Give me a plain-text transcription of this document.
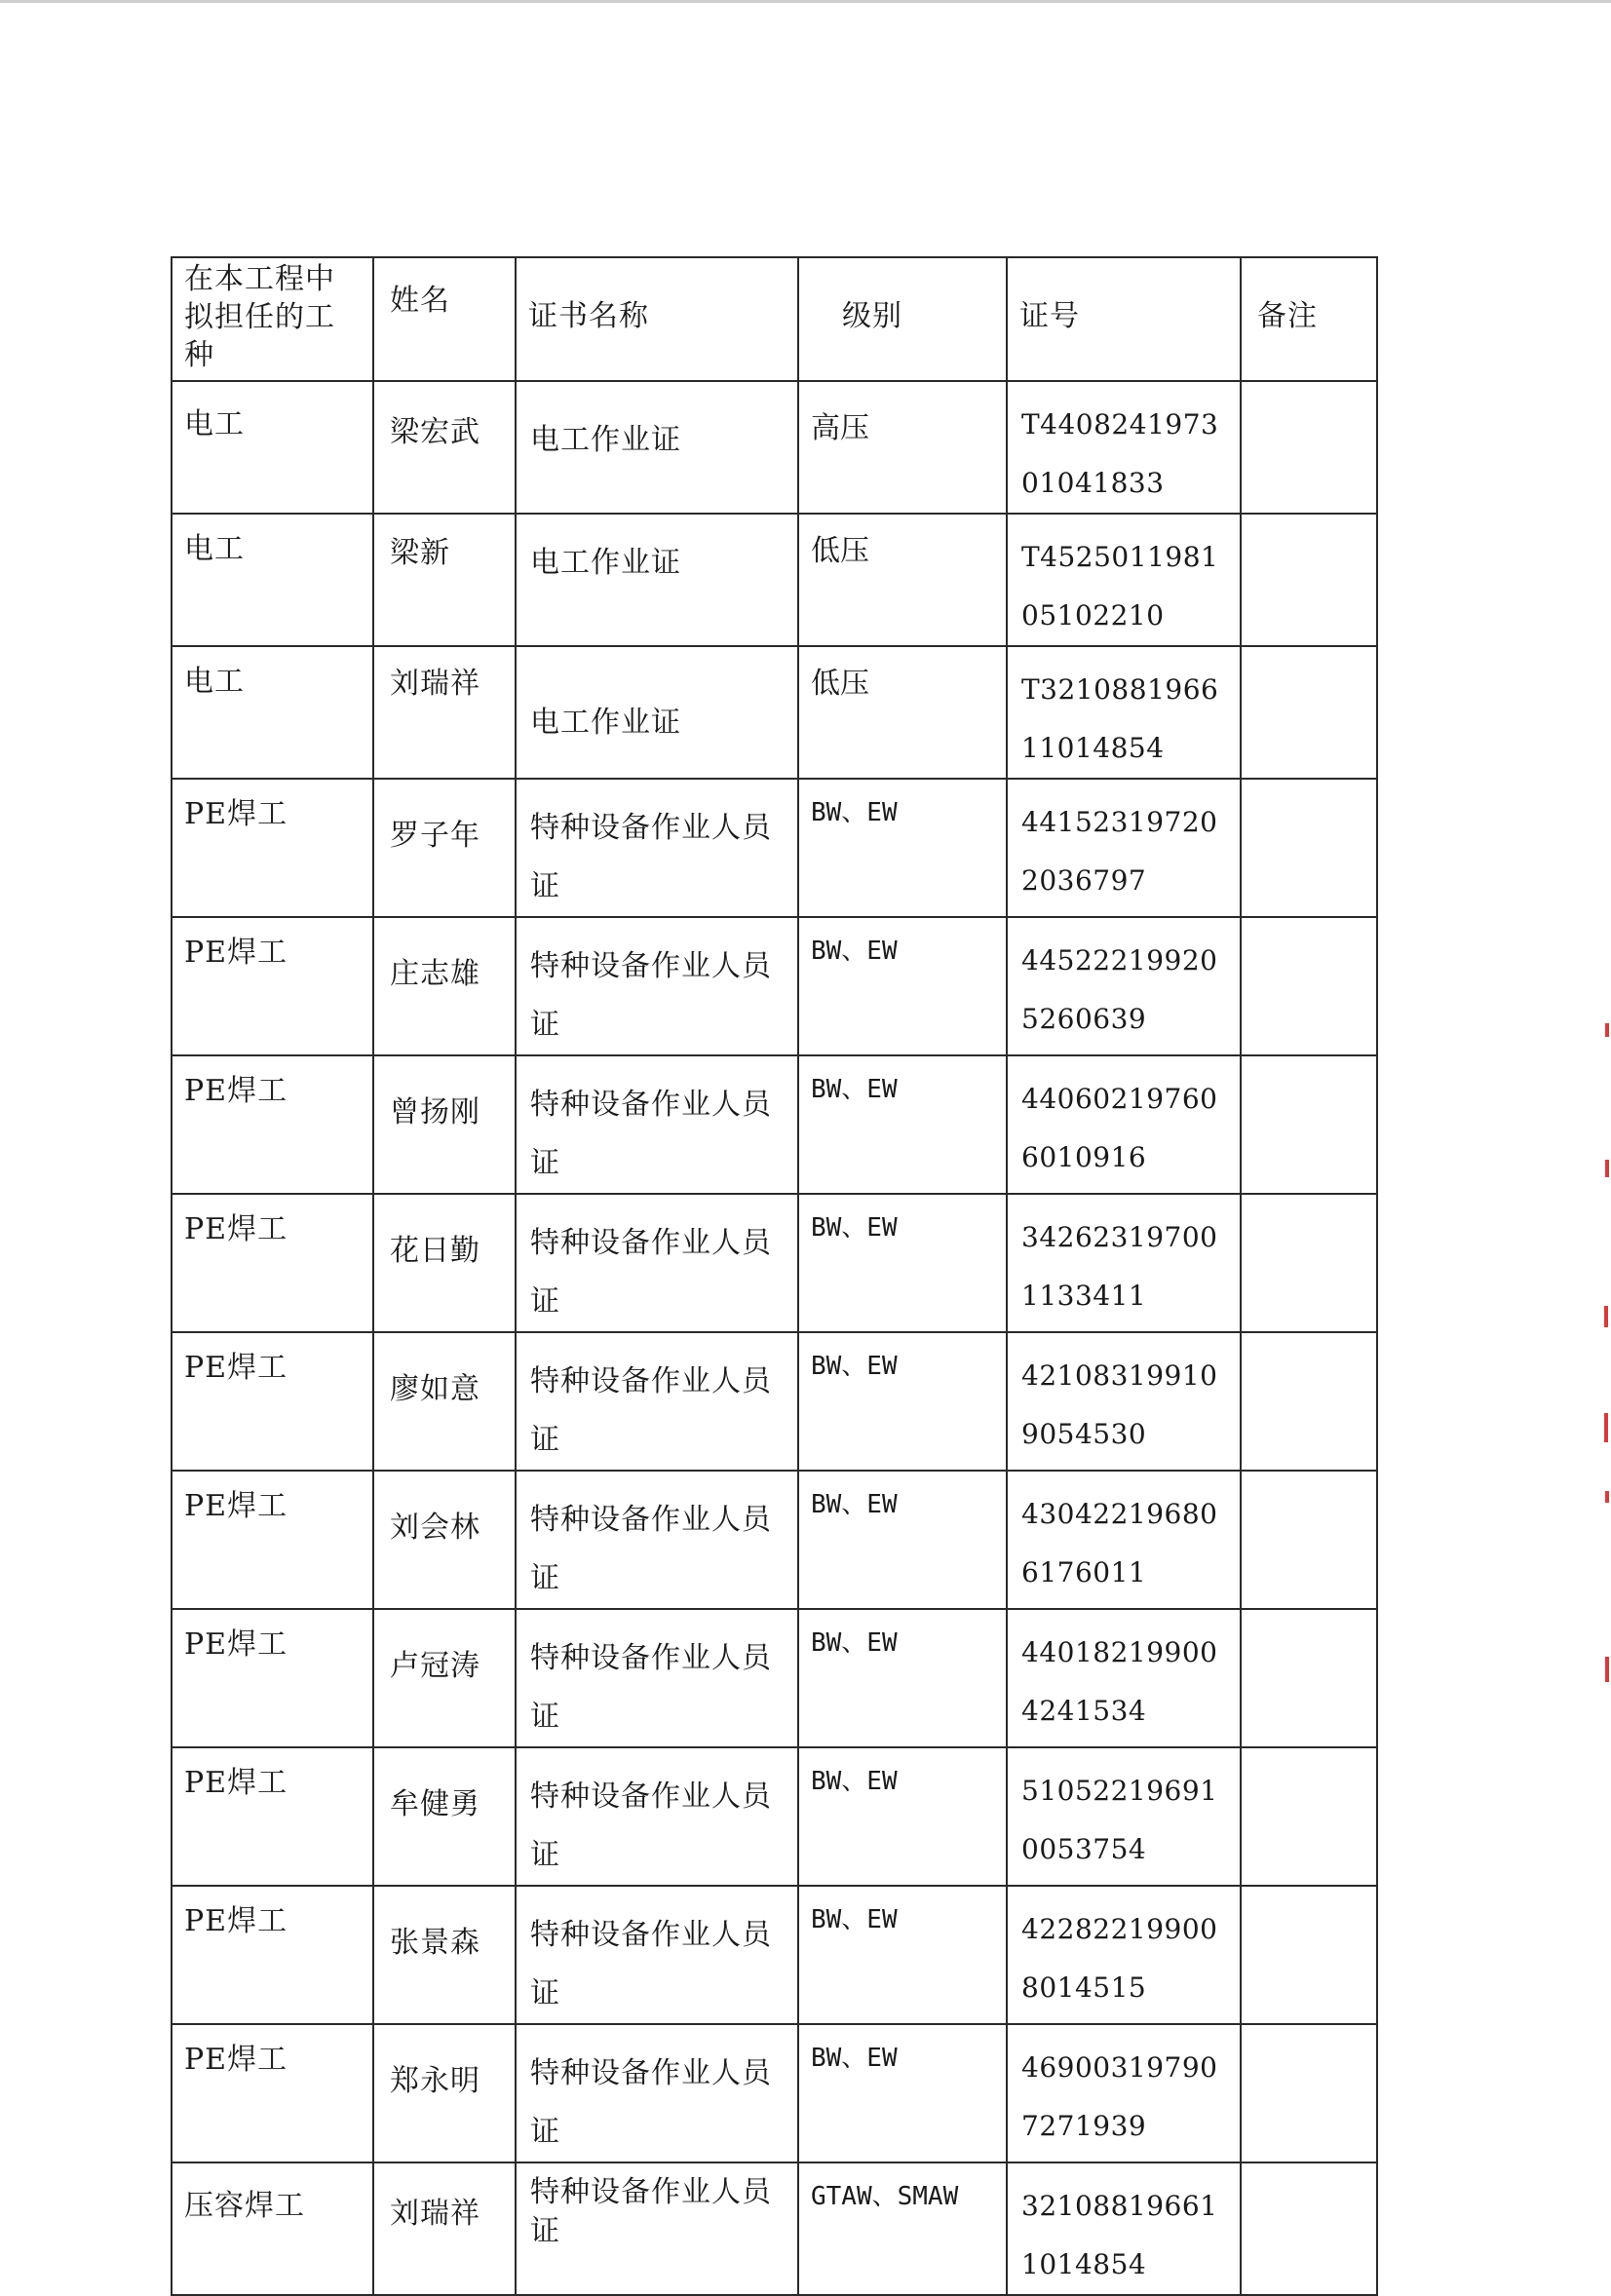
在本工程中拟担任的工种	姓名	证书名称	级别	证号	备注

电工	梁宏武	电工作业证	高压	T440824197301041833	

电工	梁新	电工作业证	低压	T452501198105102210	

电工	刘瑞祥	电工作业证	低压	T321088196611014854	

PE焊工	罗子年	特种设备作业人员证	BW、EW	441523197202036797	

PE焊工	庄志雄	特种设备作业人员证	BW、EW	445222199205260639	

PE焊工	曾扬刚	特种设备作业人员证	BW、EW	440602197606010916	

PE焊工	花日勤	特种设备作业人员证	BW、EW	342623197001133411	

PE焊工	廖如意	特种设备作业人员证	BW、EW	421083199109054530	

PE焊工	刘会林	特种设备作业人员证	BW、EW	430422196806176011	

PE焊工	卢冠涛	特种设备作业人员证	BW、EW	440182199004241534	

PE焊工	牟健勇	特种设备作业人员证	BW、EW	510522196910053754	

PE焊工	张景森	特种设备作业人员证	BW、EW	422822199008014515	

PE焊工	郑永明	特种设备作业人员证	BW、EW	469003197907271939	

压容焊工	刘瑞祥	特种设备作业人员证	GTAW、SMAW	321088196611014854	
